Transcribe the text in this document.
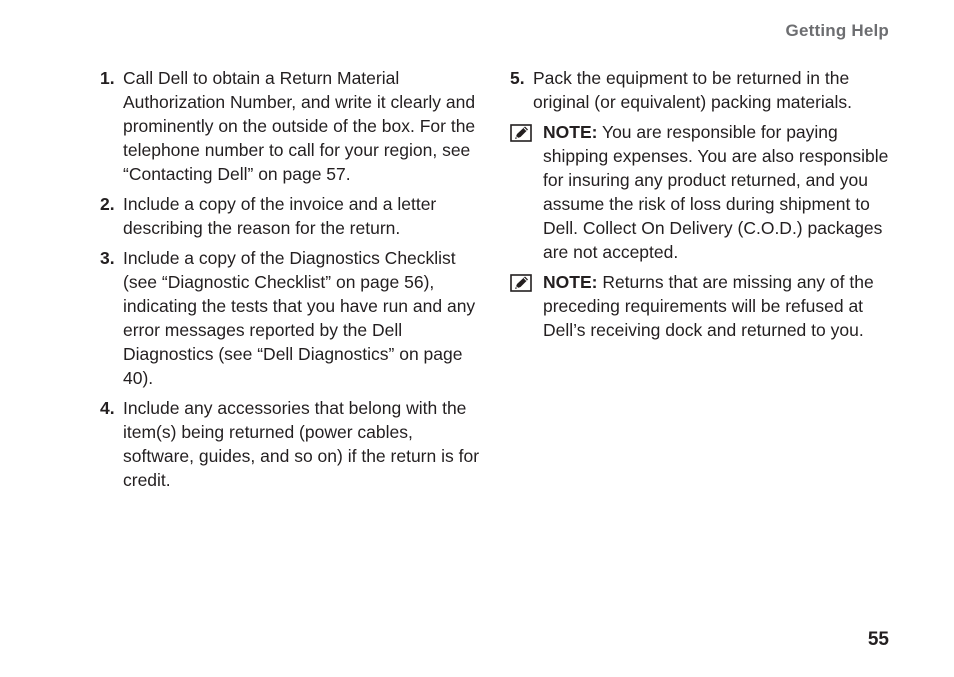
Getting Help
1. Call Dell to obtain a Return Material Authorization Number, and write it clearly and prominently on the outside of the box. For the telephone number to call for your region, see “Contacting Dell” on page 57.
2. Include a copy of the invoice and a letter describing the reason for the return.
3. Include a copy of the Diagnostics Checklist (see “Diagnostic Checklist” on page 56), indicating the tests that you have run and any error messages reported by the Dell Diagnostics (see “Dell Diagnostics” on page 40).
4. Include any accessories that belong with the item(s) being returned (power cables, software, guides, and so on) if the return is for credit.
5. Pack the equipment to be returned in the original (or equivalent) packing materials.
NOTE: You are responsible for paying shipping expenses. You are also responsible for insuring any product returned, and you assume the risk of loss during shipment to Dell. Collect On Delivery (C.O.D.) packages are not accepted.
NOTE: Returns that are missing any of the preceding requirements will be refused at Dell’s receiving dock and returned to you.
55
